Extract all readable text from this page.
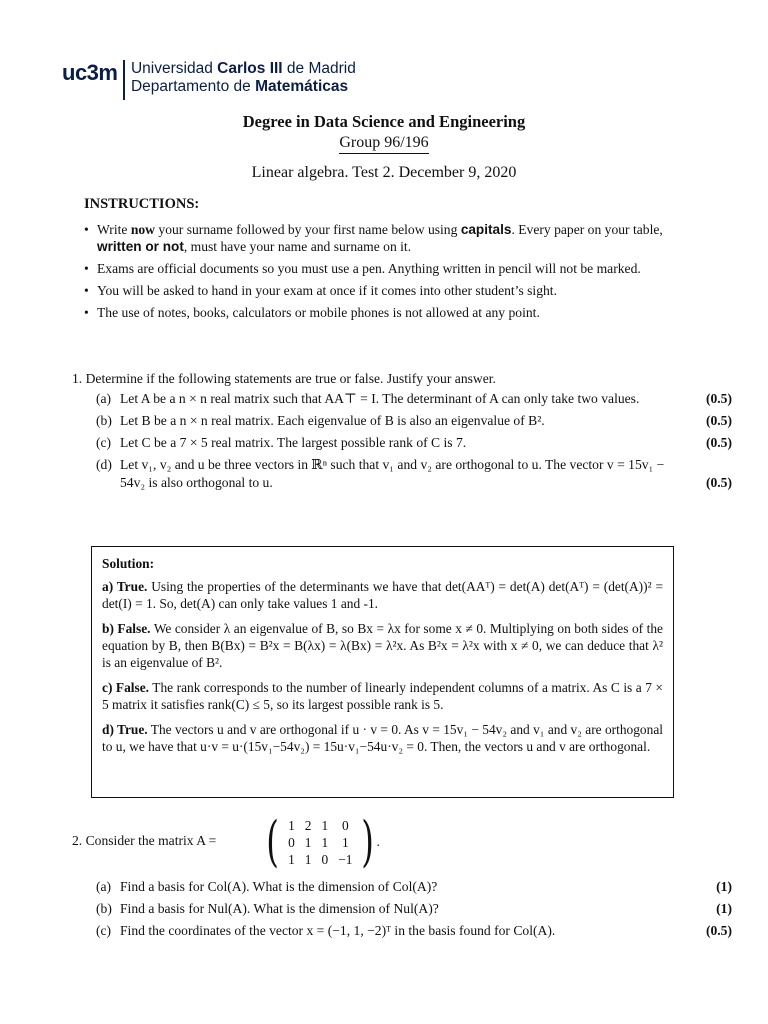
uc3m Universidad Carlos III de Madrid
Departamento de Matemáticas
Degree in Data Science and Engineering
Group 96/196
Linear algebra. Test 2. December 9, 2020
INSTRUCTIONS:
• Write now your surname followed by your first name below using capitals. Every paper on your table, written or not, must have your name and surname on it.
• Exams are official documents so you must use a pen. Anything written in pencil will not be marked.
• You will be asked to hand in your exam at once if it comes into other student’s sight.
• The use of notes, books, calculators or mobile phones is not allowed at any point.
1. Determine if the following statements are true or false. Justify your answer.
(a) Let A be a n × n real matrix such that AA⊤ = I. The determinant of A can only take two values.	(0.5)
(b) Let B be a n × n real matrix. Each eigenvalue of B is also an eigenvalue of B².	(0.5)
(c) Let C be a 7 × 5 real matrix. The largest possible rank of C is 7.	(0.5)
(d) Let v₁, v₂ and u be three vectors in ℝⁿ such that v₁ and v₂ are orthogonal to u. The vector v = 15v₁ − 54v₂ is also orthogonal to u.	(0.5)

Solution:

a) True. Using the properties of the determinants we have that det(AAᵀ) = det(A) det(Aᵀ) = (det(A))² = det(I) = 1. So, det(A) can only take values 1 and -1.

b) False. We consider λ an eigenvalue of B, so Bx = λx for some x ≠ 0. Multiplying on both sides of the equation by B, then B(Bx) = B²x = B(λx) = λ(Bx) = λ²x. As B²x = λ²x with x ≠ 0, we can deduce that λ² is an eigenvalue of B².

c) False. The rank corresponds to the number of linearly independent columns of a matrix. As C is a 7 × 5 matrix it satisfies rank(C) ≤ 5, so its largest possible rank is 5.

d) True. The vectors u and v are orthogonal if u · v = 0. As v = 15v₁ − 54v₂ and v₁ and v₂ are orthogonal to u, we have that u·v = u·(15v₁−54v₂) = 15u·v₁−54u·v₂ = 0. Then, the vectors u and v are orthogonal.

2. Consider the matrix A = ( 1	2	1	0
0	1	1	1
1	1	0	−1 ) .
(a) Find a basis for Col(A). What is the dimension of Col(A)?	(1)
(b) Find a basis for Nul(A). What is the dimension of Nul(A)?	(1)
(c) Find the coordinates of the vector x = (−1, 1, −2)ᵀ in the basis found for Col(A).	(0.5)
